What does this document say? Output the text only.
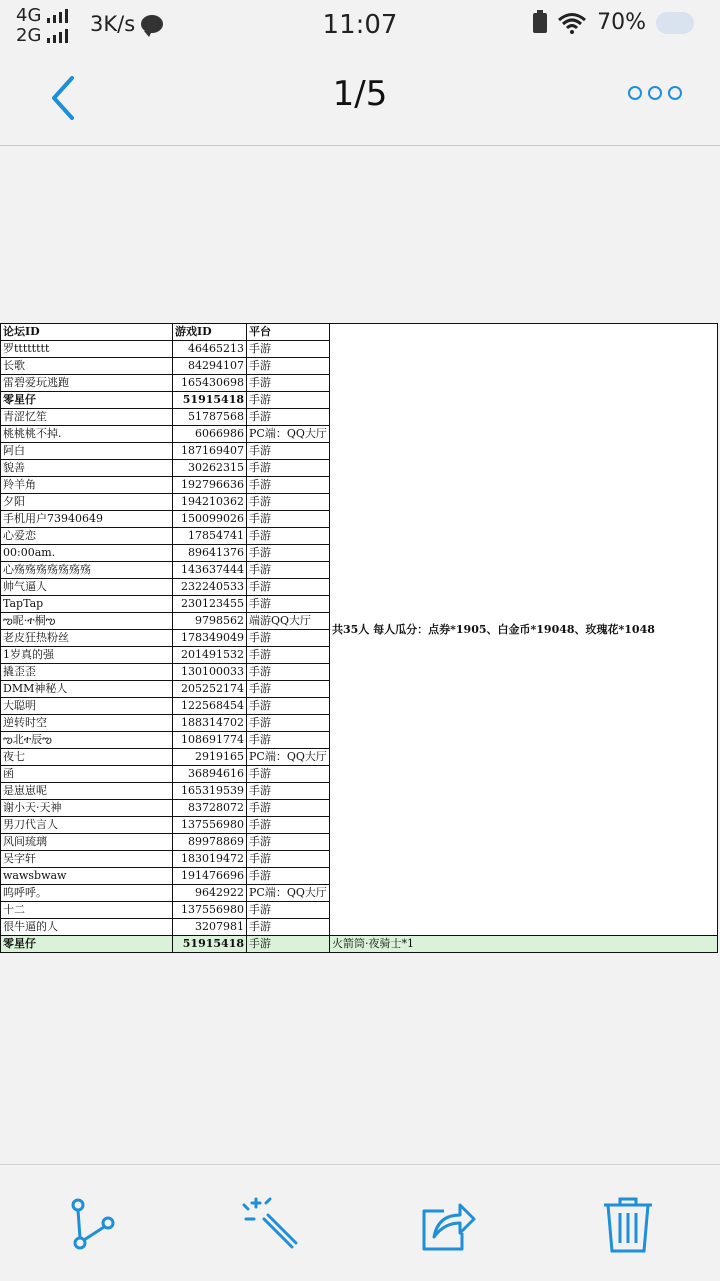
4G
2G 3K/s	11:07	70%
1/5
论坛ID	游戏ID	平台	共35人 每人瓜分：点券*1905、白金币*19048、玫瑰花*1048
罗tttttttt	46465213	手游	
长歌	84294107	手游	
雷碧爱玩逃跑	165430698	手游	
零星仔	51915418	手游	
青涩忆笙	51787568	手游	
桃桃桃不掉.	6066986	PC端：QQ大厅	
阿白	187169407	手游	
貌善	30262315	手游	
羚羊角	192796636	手游	
夕阳	194210362	手游	
手机用户73940649	150099026	手游	
心爱恋	17854741	手游	
00:00am.	89641376	手游	
心殇殇殇殇殇殇殇	143637444	手游	
帅气逼人	232240533	手游	
TapTap	230123455	手游	
ఌ昵·ተ桐ఌ	9798562	端游QQ大厅	
老皮狂热粉丝	178349049	手游	
1岁真的强	201491532	手游	
撬歪歪	130100033	手游	
DMM神秘人	205252174	手游	
大聪明	122568454	手游	
逆转时空	188314702	手游	
ఌ北ተ辰ఌ	108691774	手游	
夜七	2919165	PC端：QQ大厅	
函	36894616	手游	
是崽崽呢	165319539	手游	
谢小天·天神	83728072	手游	
男刀代言人	137556980	手游	
风间琉璃	89978869	手游	
吴字轩	183019472	手游	
wawsbwaw	191476696	手游	
呜呼呼。	9642922	PC端：QQ大厅	
十二	137556980	手游	
很牛逼的人	3207981	手游	
零星仔	51915418	手游	火箭筒·夜骑士*1
